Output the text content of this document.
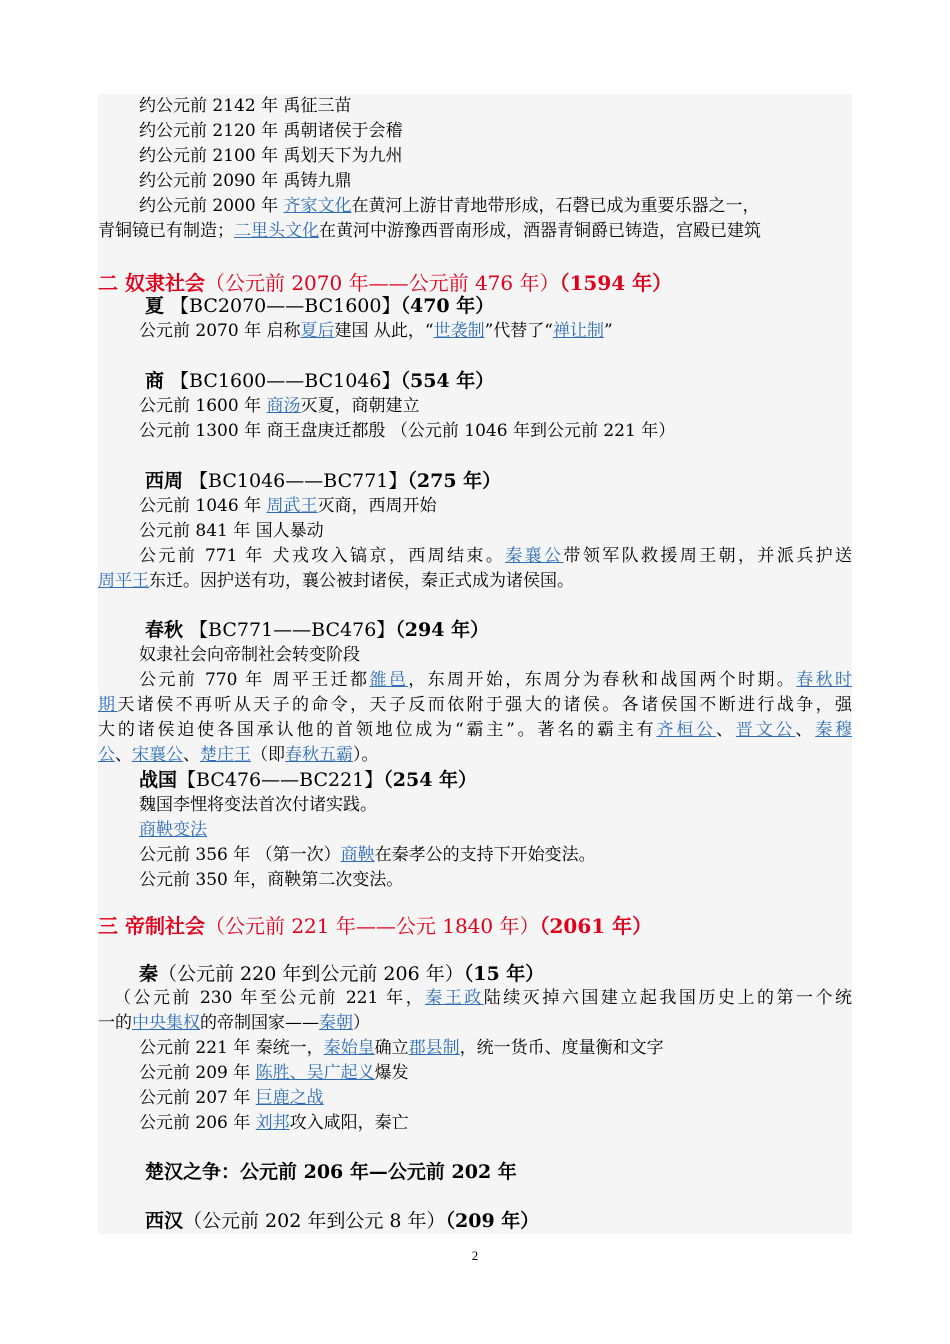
约公元前 2142 年 禹征三苗
约公元前 2120 年 禹朝诸侯于会稽
约公元前 2100 年 禹划天下为九州
约公元前 2090 年 禹铸九鼎
约公元前 2000 年 齐家文化在黄河上游甘青地带形成，石磬已成为重要乐器之一，
青铜镜已有制造；二里头文化在黄河中游豫西晋南形成，酒器青铜爵已铸造，宫殿已建筑
二 奴隶社会（公元前 2070 年——公元前 476 年）（1594 年）
夏 【BC2070——BC1600】（470 年）
公元前 2070 年 启称夏后建国 从此，“世袭制”代替了“禅让制”
商 【BC1600——BC1046】（554 年）
公元前 1600 年 商汤灭夏，商朝建立
公元前 1300 年 商王盘庚迁都殷 （公元前 1046 年到公元前 221 年）
西周 【BC1046——BC771】（275 年）
公元前 1046 年 周武王灭商，西周开始
公元前 841 年 国人暴动
公元前 771 年 犬戎攻入镐京，西周结束。秦襄公带领军队救援周王朝，并派兵护送
周平王东迁。因护送有功，襄公被封诸侯，秦正式成为诸侯国。
春秋 【BC771——BC476】（294 年）
奴隶社会向帝制社会转变阶段
公元前 770 年 周平王迁都雒邑，东周开始，东周分为春秋和战国两个时期。春秋时
期天诸侯不再听从天子的命令，天子反而依附于强大的诸侯。各诸侯国不断进行战争，强
大的诸侯迫使各国承认他的首领地位成为“霸主”。著名的霸主有齐桓公、晋文公、秦穆
公、宋襄公、楚庄王（即春秋五霸）。
战国【BC476——BC221】（254 年）
魏国李悝将变法首次付诸实践。
商鞅变法
公元前 356 年 （第一次）商鞅在秦孝公的支持下开始变法。
公元前 350 年，商鞅第二次变法。
三 帝制社会（公元前 221 年——公元 1840 年）（2061 年）
秦（公元前 220 年到公元前 206 年）（15 年）
（公元前 230 年至公元前 221 年，秦王政陆续灭掉六国建立起我国历史上的第一个统
一的中央集权的帝制国家——秦朝）
公元前 221 年 秦统一，秦始皇确立郡县制，统一货币、度量衡和文字
公元前 209 年 陈胜、吴广起义爆发
公元前 207 年 巨鹿之战
公元前 206 年 刘邦攻入咸阳，秦亡
楚汉之争：公元前 206 年—公元前 202 年
西汉（公元前 202 年到公元 8 年）（209 年）
2
